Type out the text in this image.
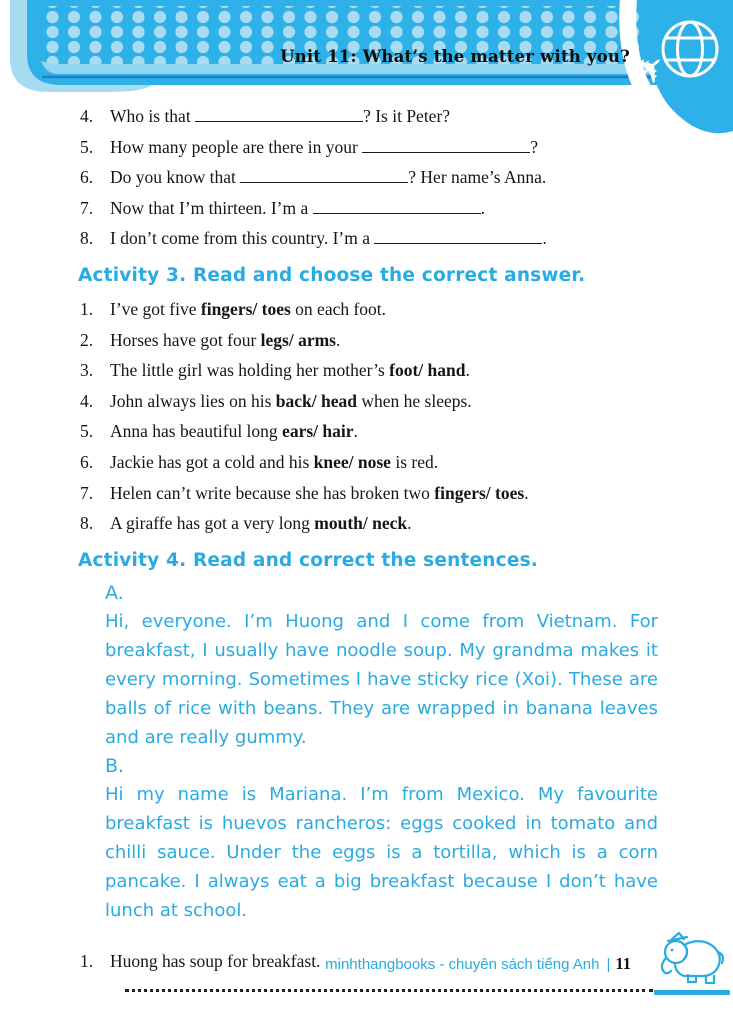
✈
Unit 11: What’s the matter with you?
4. Who is that	? Is it Peter?
5. How many people are there in your	?
6. Do you know that	? Her name’s Anna.
7. Now that I’m thirteen. I’m a	.
8. I don’t come from this country. I’m a	.
Activity 3. Read and choose the correct answer.
1. I’ve got five fingers/ toes on each foot.
2. Horses have got four legs/ arms.
3. The little girl was holding her mother’s foot/ hand.
4. John always lies on his back/ head when he sleeps.
5. Anna has beautiful long ears/ hair.
6. Jackie has got a cold and his knee/ nose is red.
7. Helen can’t write because she has broken two fingers/ toes.
8. A giraffe has got a very long mouth/ neck.
Activity 4. Read and correct the sentences.
A.
Hi, everyone. I’m Huong and I come from Vietnam. For breakfast, I usually have noodle soup. My grandma makes it every morning. Sometimes I have sticky rice (Xoi). These are balls of rice with beans. They are wrapped in banana leaves and are really gummy.
B.
Hi my name is Mariana. I’m from Mexico. My favourite breakfast is huevos rancheros: eggs cooked in tomato and chilli sauce. Under the eggs is a tortilla, which is a corn pancake. I always eat a big breakfast because I don’t have lunch at school.
1. Huong has soup for breakfast. minhthangbooks - chuyên sách tiếng Anh | 11
